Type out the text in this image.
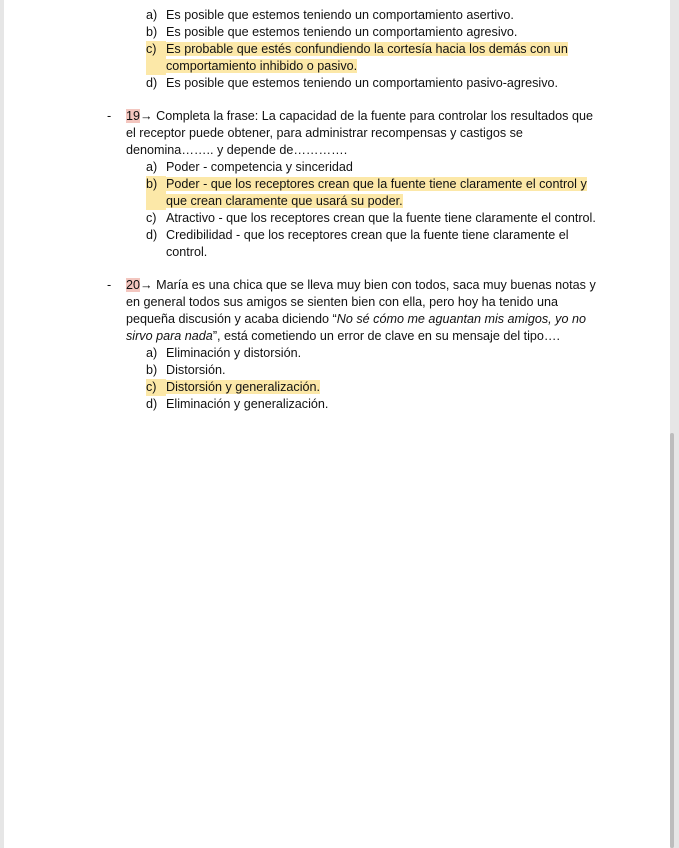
a) Es posible que estemos teniendo un comportamiento asertivo.
b) Es posible que estemos teniendo un comportamiento agresivo.
c) Es probable que estés confundiendo la cortesía hacia los demás con un
comportamiento inhibido o pasivo.
d) Es posible que estemos teniendo un comportamiento pasivo-agresivo.
- 19→ Completa la frase: La capacidad de la fuente para controlar los resultados que
el receptor puede obtener, para administrar recompensas y castigos se
denomina…….. y depende de………….
a) Poder - competencia y sinceridad
b) Poder - que los receptores crean que la fuente tiene claramente el control y
que crean claramente que usará su poder.
c) Atractivo - que los receptores crean que la fuente tiene claramente el control.
d) Credibilidad - que los receptores crean que la fuente tiene claramente el
control.
- 20→ María es una chica que se lleva muy bien con todos, saca muy buenas notas y
en general todos sus amigos se sienten bien con ella, pero hoy ha tenido una
pequeña discusión y acaba diciendo “No sé cómo me aguantan mis amigos, yo no
sirvo para nada”, está cometiendo un error de clave en su mensaje del tipo….
a) Eliminación y distorsión.
b) Distorsión.
c) Distorsión y generalización.
d) Eliminación y generalización.
